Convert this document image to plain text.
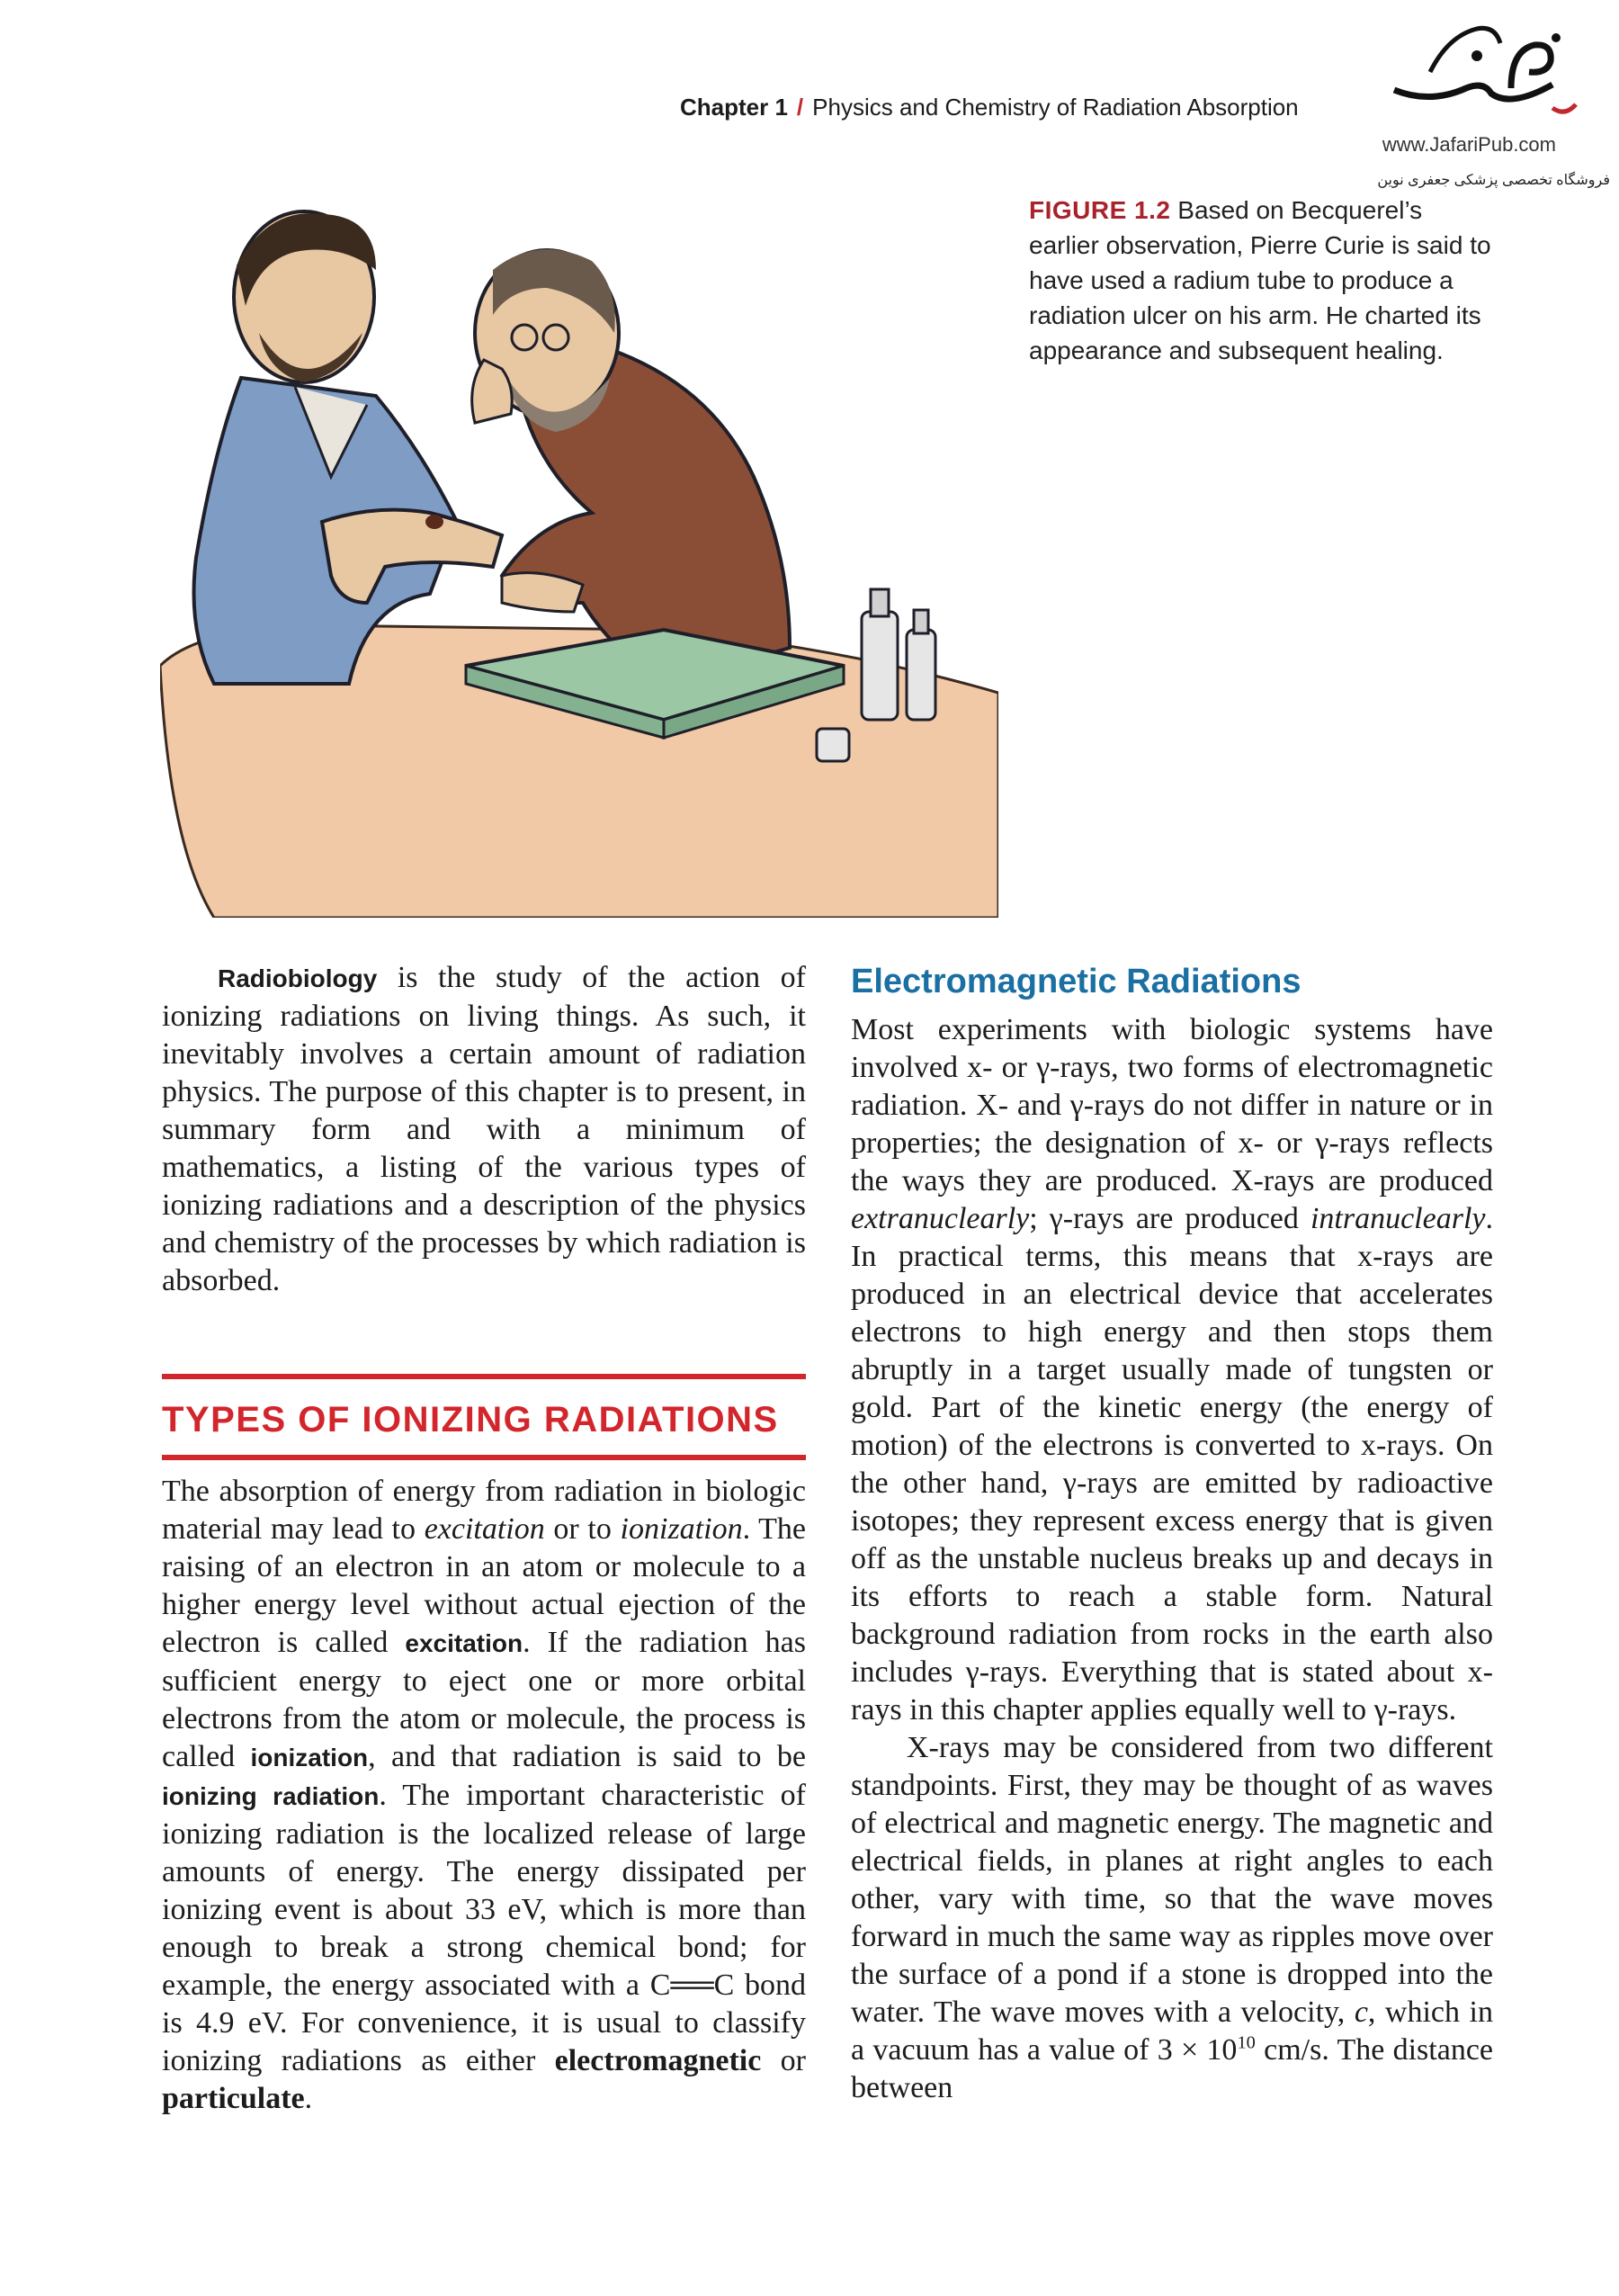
Chapter 1 / Physics and Chemistry of Radiation Absorption
www.JafariPub.com
فروشگاه تخصصی پزشکی جعفری نوین
FIGURE 1.2 Based on Becquerel’s earlier observation, Pierre Curie is said to have used a radium tube to produce a radiation ulcer on his arm. He charted its appearance and subsequent healing.

Radiobiology is the study of the action of ionizing radiations on living things. As such, it inevitably involves a certain amount of radiation physics. The purpose of this chapter is to present, in summary form and with a minimum of mathematics, a listing of the various types of ionizing radiations and a description of the physics and chemistry of the processes by which radiation is absorbed.

TYPES OF IONIZING RADIATIONS

The absorption of energy from radiation in biologic material may lead to excitation or to ionization. The raising of an electron in an atom or molecule to a higher energy level without actual ejection of the electron is called excitation. If the radiation has sufficient energy to eject one or more orbital electrons from the atom or molecule, the process is called ionization, and that radiation is said to be ionizing radiation. The important characteristic of ionizing radiation is the localized release of large amounts of energy. The energy dissipated per ionizing event is about 33 eV, which is more than enough to break a strong chemical bond; for example, the energy associated with a C══C bond is 4.9 eV. For convenience, it is usual to classify ionizing radiations as either electromagnetic or particulate.

Electromagnetic Radiations

Most experiments with biologic systems have involved x- or γ-rays, two forms of electromagnetic radiation. X- and γ-rays do not differ in nature or in properties; the designation of x- or γ-rays reflects the ways they are produced. X-rays are produced extranuclearly; γ-rays are produced intranuclearly. In practical terms, this means that x-rays are produced in an electrical device that accelerates electrons to high energy and then stops them abruptly in a target usually made of tungsten or gold. Part of the kinetic energy (the energy of motion) of the electrons is converted to x-rays. On the other hand, γ-rays are emitted by radioactive isotopes; they represent excess energy that is given off as the unstable nucleus breaks up and decays in its efforts to reach a stable form. Natural background radiation from rocks in the earth also includes γ-rays. Everything that is stated about x-rays in this chapter applies equally well to γ-rays.

X-rays may be considered from two different standpoints. First, they may be thought of as waves of electrical and magnetic energy. The magnetic and electrical fields, in planes at right angles to each other, vary with time, so that the wave moves forward in much the same way as ripples move over the surface of a pond if a stone is dropped into the water. The wave moves with a velocity, c, which in a vacuum has a value of $3 \times 10^{10}$ cm/s. The distance between
